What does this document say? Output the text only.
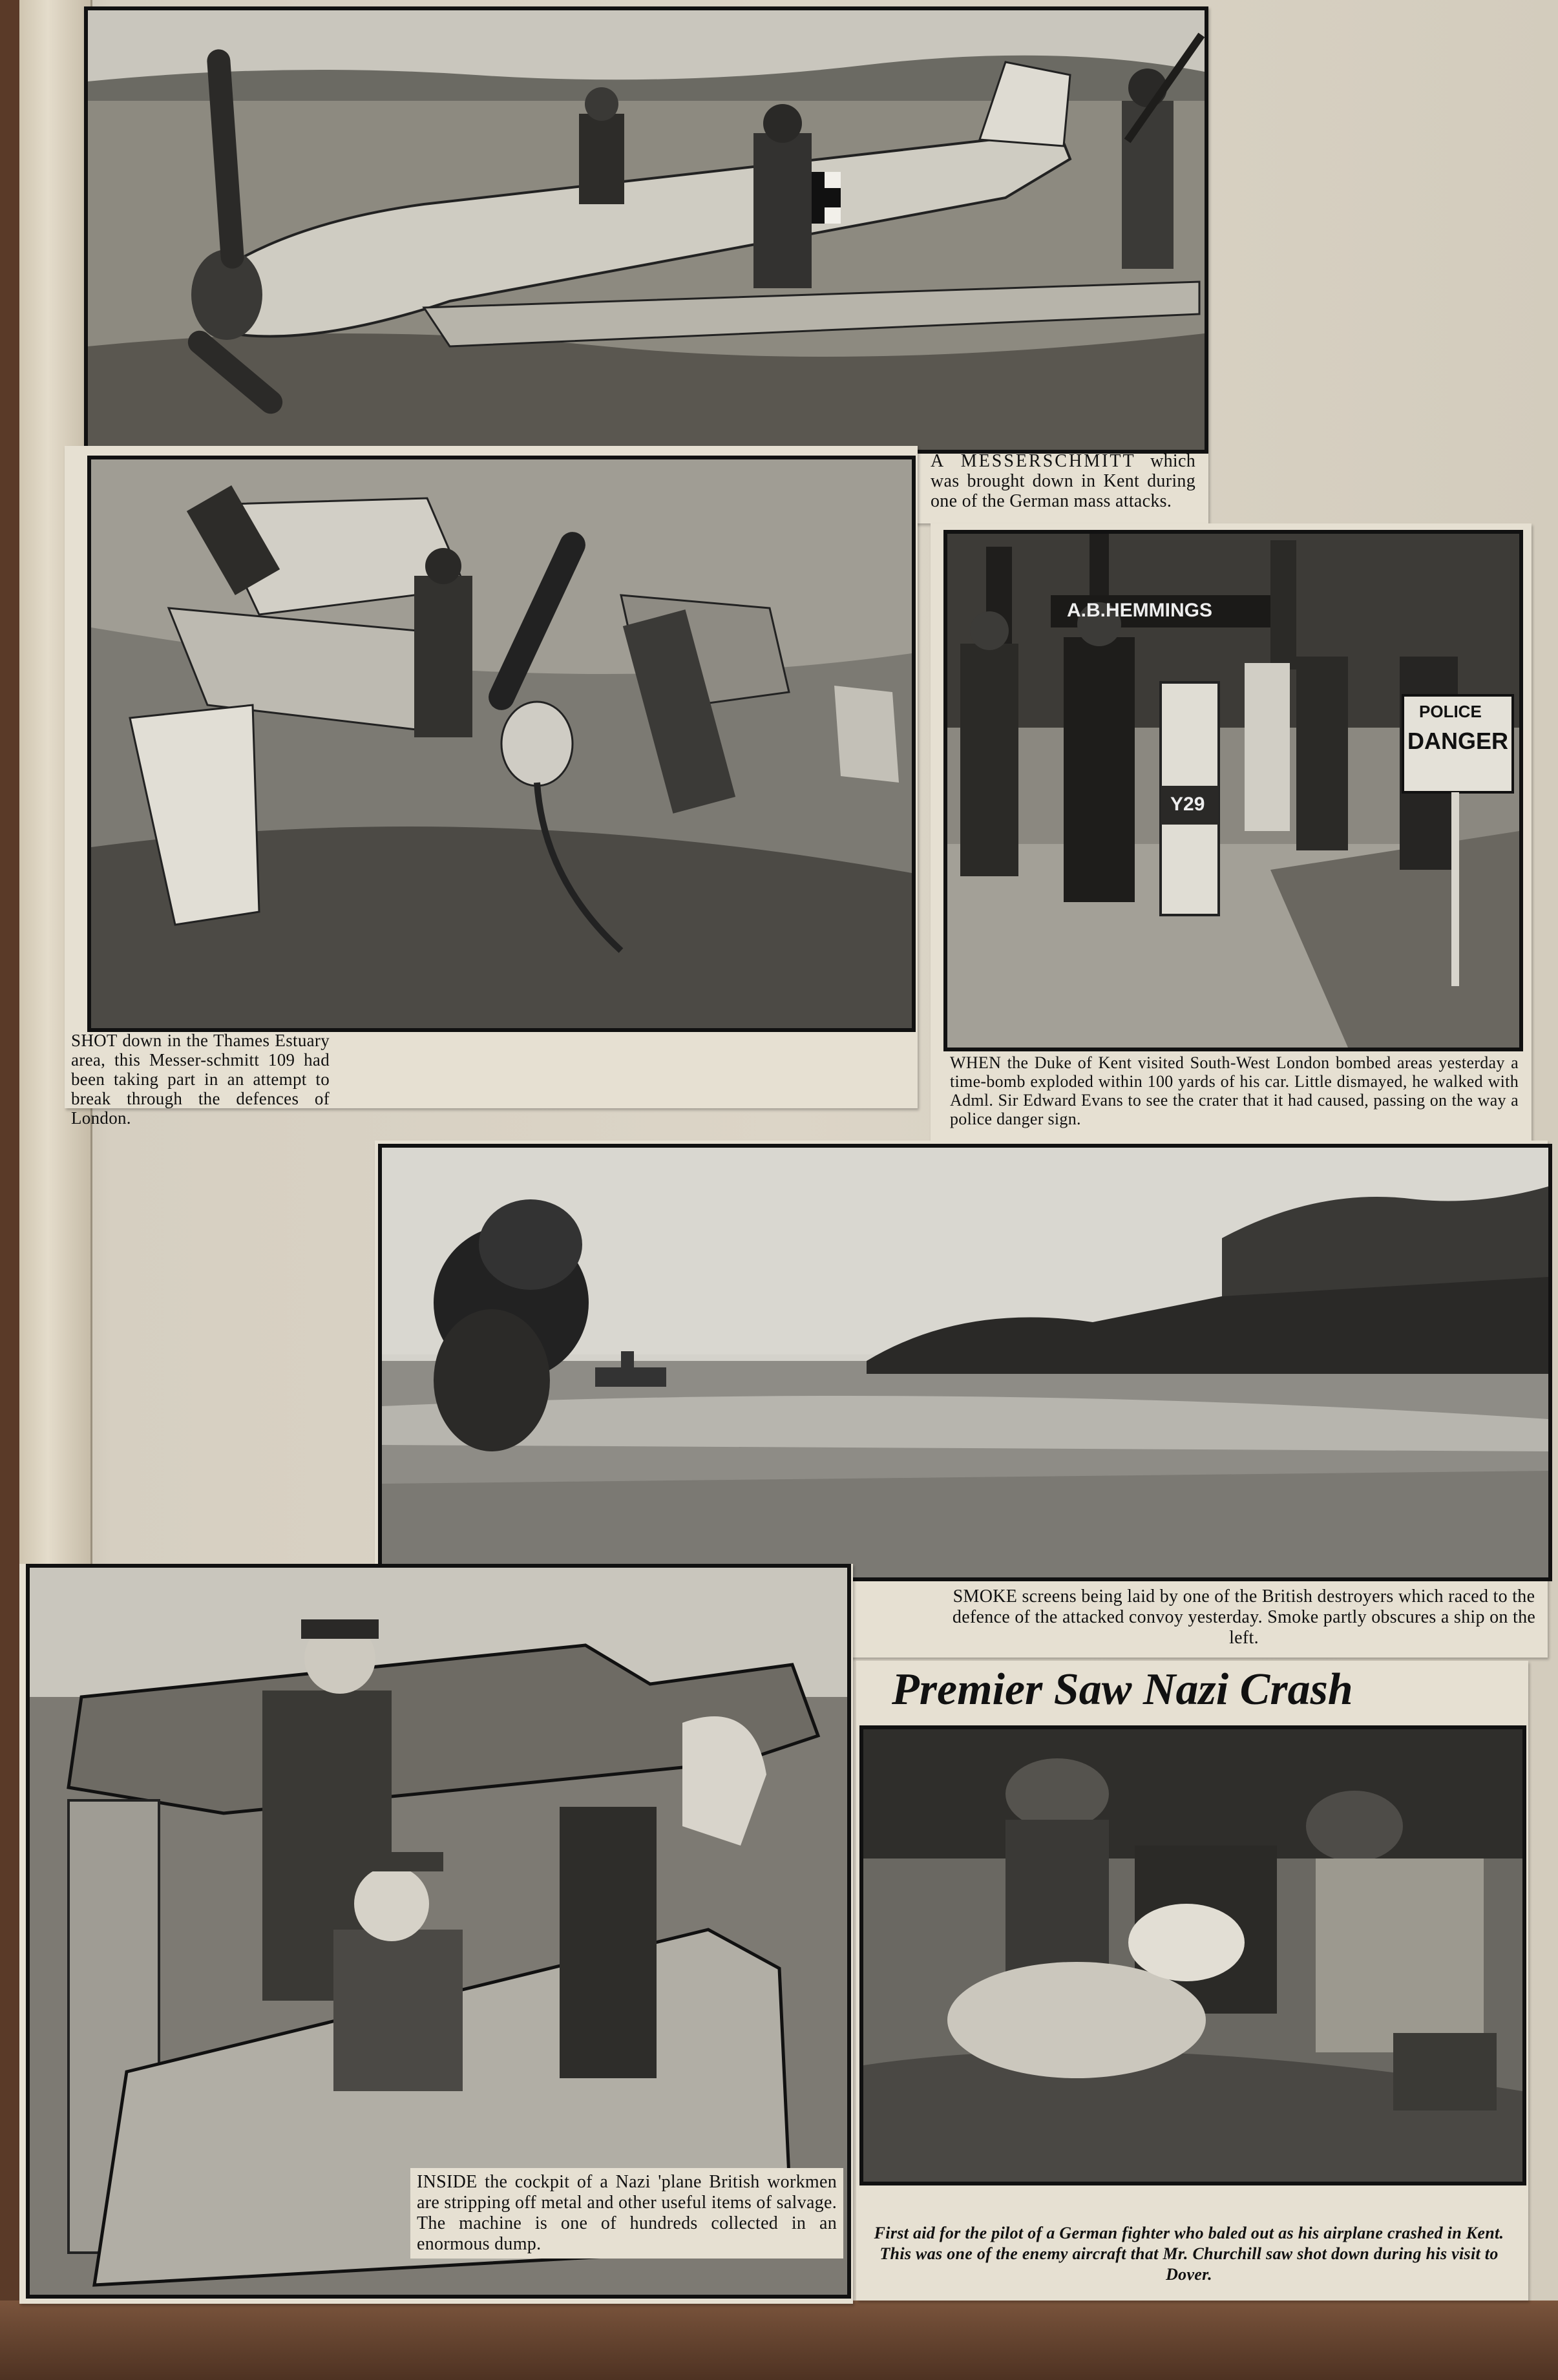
A MESSERSCHMITT which was brought down in Kent during one of the German mass attacks.
SHOT down in the Thames Estuary area, this Messer-schmitt 109 had been taking part in an attempt to break through the defences of London.
A.B.HEMMINGS
POLICE
DANGER
Y29
WHEN the Duke of Kent visited South-West London bombed areas yesterday a time-bomb exploded within 100 yards of his car. Little dismayed, he walked with Adml. Sir Edward Evans to see the crater that it had caused, passing on the way a police danger sign.
SMOKE screens being laid by one of the British destroyers which raced to the defence of the attacked convoy yesterday. Smoke partly obscures a ship on the left.
INSIDE the cockpit of a Nazi 'plane British workmen are stripping off metal and other useful items of salvage. The machine is one of hundreds collected in an enormous dump.
Premier Saw Nazi Crash
First aid for the pilot of a German fighter who baled out as his airplane crashed in Kent. This was one of the enemy aircraft that Mr. Churchill saw shot down during his visit to Dover.
